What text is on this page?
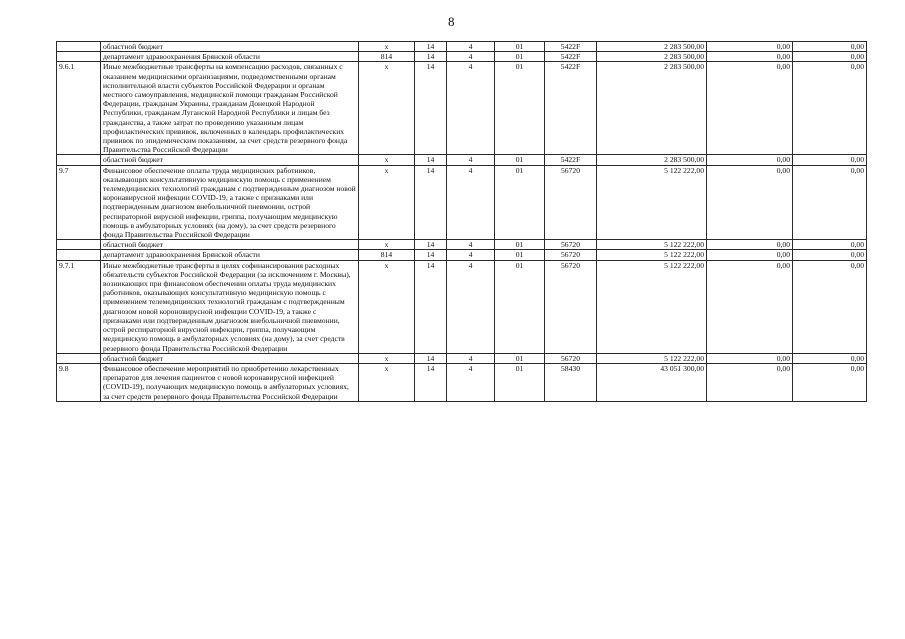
8
	областной бюджет	x	14	4	01	5422F	2 283 500,00	0,00	0,00
	департамент здравоохранения Брянской области	814	14	4	01	5422F	2 283 500,00	0,00	0,00
9.6.1	Иные межбюджетные трансферты на компенсацию расходов, связанных с оказанием медицинскими организациями, подведомственными органам исполнительной власти субъектов Российской Федерации и органам местного самоуправления, медицинской помощи гражданам Российской Федерации, гражданам Украины, гражданам Донецкой Народной Республики, гражданам Луганской Народной Республики и лицам без гражданства, а также затрат по проведению указанным лицам профилактических прививок, включенных в календарь профилактических прививок по эпидемическим показаниям, за счет средств резервного фонда Правительства Российской Федерации	x	14	4	01	5422F	2 283 500,00	0,00	0,00
	областной бюджет	x	14	4	01	5422F	2 283 500,00	0,00	0,00
9.7	Финансовое обеспечение оплаты труда медицинских работников, оказывающих консультативную медицинскую помощь с применением телемедицинских технологий гражданам с подтвержденным диагнозом новой коронавирусной инфекции COVID-19, а также с признаками или подтвержденным диагнозом внебольничной пневмонии, острой респираторной вирусной инфекции, гриппа, получающим медицинскую помощь в амбулаторных условиях (на дому), за счет средств резервного фонда Правительства Российской Федерации	x	14	4	01	56720	5 122 222,00	0,00	0,00
	областной бюджет	x	14	4	01	56720	5 122 222,00	0,00	0,00
	департамент здравоохранения Брянской области	814	14	4	01	56720	5 122 222,00	0,00	0,00
9.7.1	Иные межбюджетные трансферты в целях софинансирования расходных обязательств субъектов Российской Федерации (за исключением г. Москвы), возникающих при финансовом обеспечении оплаты труда медицинских работников, оказывающих консультативную медицинскую помощь с применением телемедицинских технологий гражданам с подтвержденным диагнозом новой короновирусной инфекции COVID-19, а также с признаками или подтвержденным диагнозом внебольничной пневмонии, острой респираторной вирусной инфекции, гриппа, получающим медицинскую помощь в амбулаторных условиях (на дому), за счет средств резервного фонда Правительства Российской Федерации	x	14	4	01	56720	5 122 222,00	0,00	0,00
	областной бюджет	x	14	4	01	56720	5 122 222,00	0,00	0,00
9.8	Финансовое обеспечение мероприятий по приобретению лекарственных препаратов для лечения пациентов с новой коронавирусной инфекцией (COVID-19), получающих медицинскую помощь в амбулаторных условиях, за счет средств резервного фонда Правительства Российской Федерации	x	14	4	01	58430	43 051 300,00	0,00	0,00
